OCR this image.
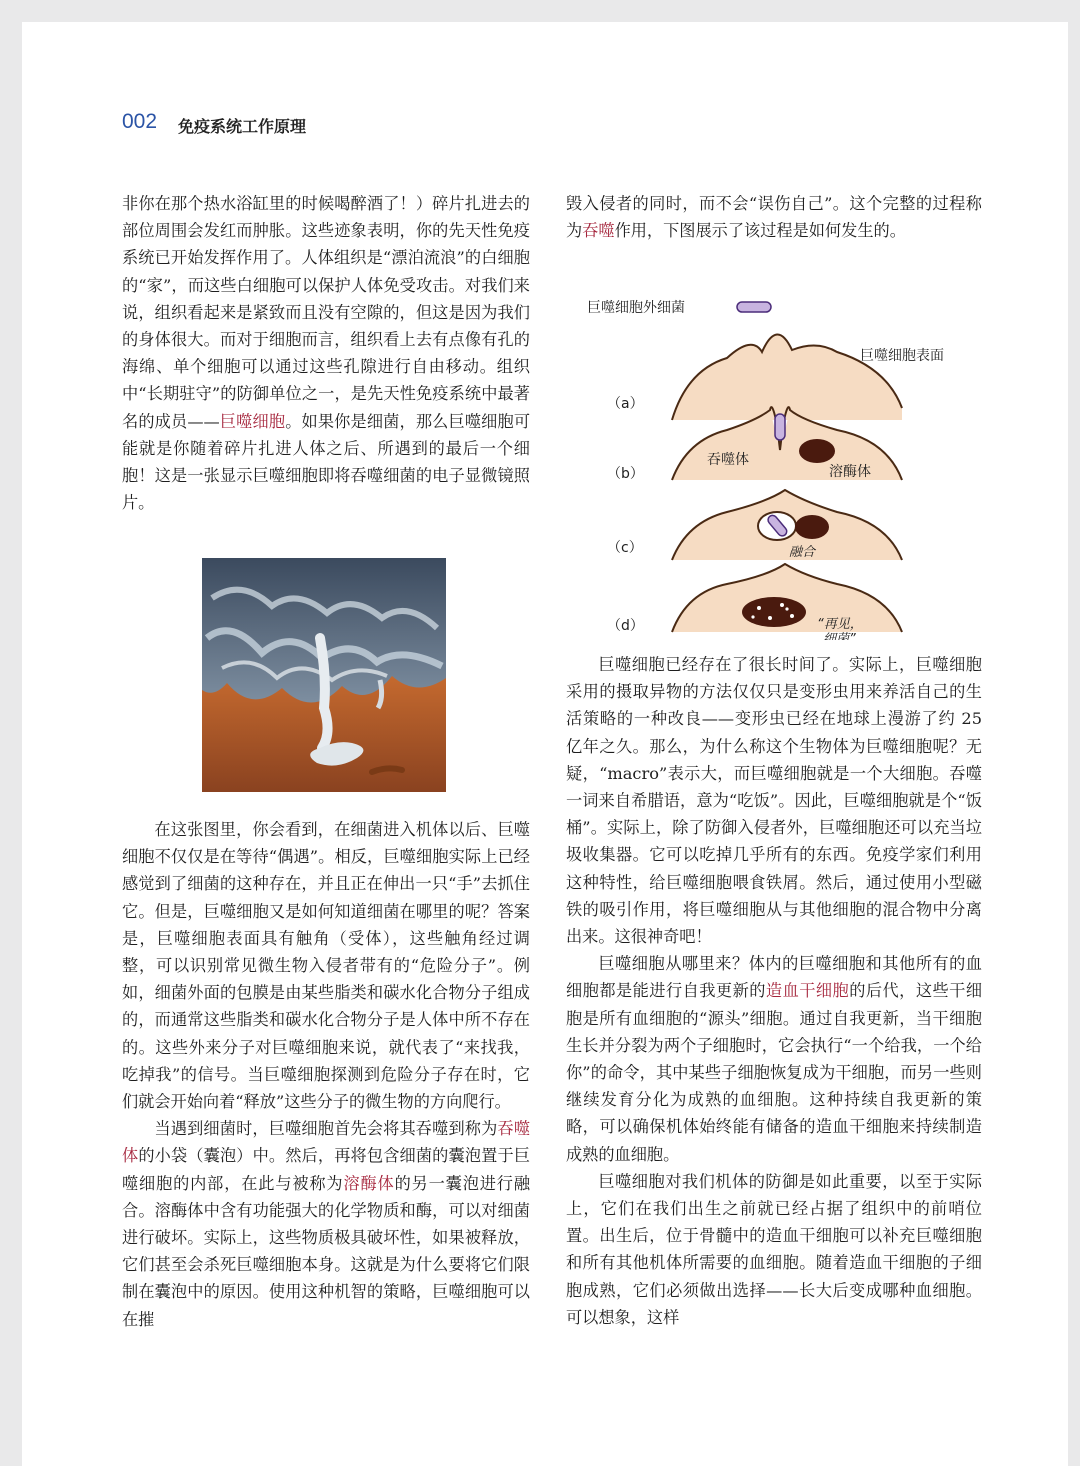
002 免疫系统工作原理

非你在那个热水浴缸里的时候喝醉酒了！）碎片扎进去的部位周围会发红而肿胀。这些迹象表明，你的先天性免疫系统已开始发挥作用了。人体组织是“漂泊流浪”的白细胞的“家”，而这些白细胞可以保护人体免受攻击。对我们来说，组织看起来是紧致而且没有空隙的，但这是因为我们的身体很大。而对于细胞而言，组织看上去有点像有孔的海绵、单个细胞可以通过这些孔隙进行自由移动。组织中“长期驻守”的防御单位之一，是先天性免疫系统中最著名的成员——巨噬细胞。如果你是细菌，那么巨噬细胞可能就是你随着碎片扎进人体之后、所遇到的最后一个细胞！这是一张显示巨噬细胞即将吞噬细菌的电子显微镜照片。

在这张图里，你会看到，在细菌进入机体以后、巨噬细胞不仅仅是在等待“偶遇”。相反，巨噬细胞实际上已经感觉到了细菌的这种存在，并且正在伸出一只“手”去抓住它。但是，巨噬细胞又是如何知道细菌在哪里的呢？答案是，巨噬细胞表面具有触角（受体），这些触角经过调整，可以识别常见微生物入侵者带有的“危险分子”。例如，细菌外面的包膜是由某些脂类和碳水化合物分子组成的，而通常这些脂类和碳水化合物分子是人体中所不存在的。这些外来分子对巨噬细胞来说，就代表了“来找我，吃掉我”的信号。当巨噬细胞探测到危险分子存在时，它们就会开始向着“释放”这些分子的微生物的方向爬行。

当遇到细菌时，巨噬细胞首先会将其吞噬到称为吞噬体的小袋（囊泡）中。然后，再将包含细菌的囊泡置于巨噬细胞的内部，在此与被称为溶酶体的另一囊泡进行融合。溶酶体中含有功能强大的化学物质和酶，可以对细菌进行破坏。实际上，这些物质极具破坏性，如果被释放，它们甚至会杀死巨噬细胞本身。这就是为什么要将它们限制在囊泡中的原因。使用这种机智的策略，巨噬细胞可以在摧

毁入侵者的同时，而不会“误伤自己”。这个完整的过程称为吞噬作用，下图展示了该过程是如何发生的。

巨噬细胞外细菌
巨噬细胞表面
（a）
（b）
吞噬体
溶酶体
（c）	融合
（d）	“再见，
细菌”

巨噬细胞已经存在了很长时间了。实际上，巨噬细胞采用的摄取异物的方法仅仅只是变形虫用来养活自己的生活策略的一种改良——变形虫已经在地球上漫游了约 25 亿年之久。那么，为什么称这个生物体为巨噬细胞呢？无疑，“macro”表示大，而巨噬细胞就是一个大细胞。吞噬一词来自希腊语，意为“吃饭”。因此，巨噬细胞就是个“饭桶”。实际上，除了防御入侵者外，巨噬细胞还可以充当垃圾收集器。它可以吃掉几乎所有的东西。免疫学家们利用这种特性，给巨噬细胞喂食铁屑。然后，通过使用小型磁铁的吸引作用，将巨噬细胞从与其他细胞的混合物中分离出来。这很神奇吧！

巨噬细胞从哪里来？体内的巨噬细胞和其他所有的血细胞都是能进行自我更新的造血干细胞的后代，这些干细胞是所有血细胞的“源头”细胞。通过自我更新，当干细胞生长并分裂为两个子细胞时，它会执行“一个给我，一个给你”的命令，其中某些子细胞恢复成为干细胞，而另一些则继续发育分化为成熟的血细胞。这种持续自我更新的策略，可以确保机体始终能有储备的造血干细胞来持续制造成熟的血细胞。

巨噬细胞对我们机体的防御是如此重要，以至于实际上，它们在我们出生之前就已经占据了组织中的前哨位置。出生后，位于骨髓中的造血干细胞可以补充巨噬细胞和所有其他机体所需要的血细胞。随着造血干细胞的子细胞成熟，它们必须做出选择——长大后变成哪种血细胞。可以想象，这样
